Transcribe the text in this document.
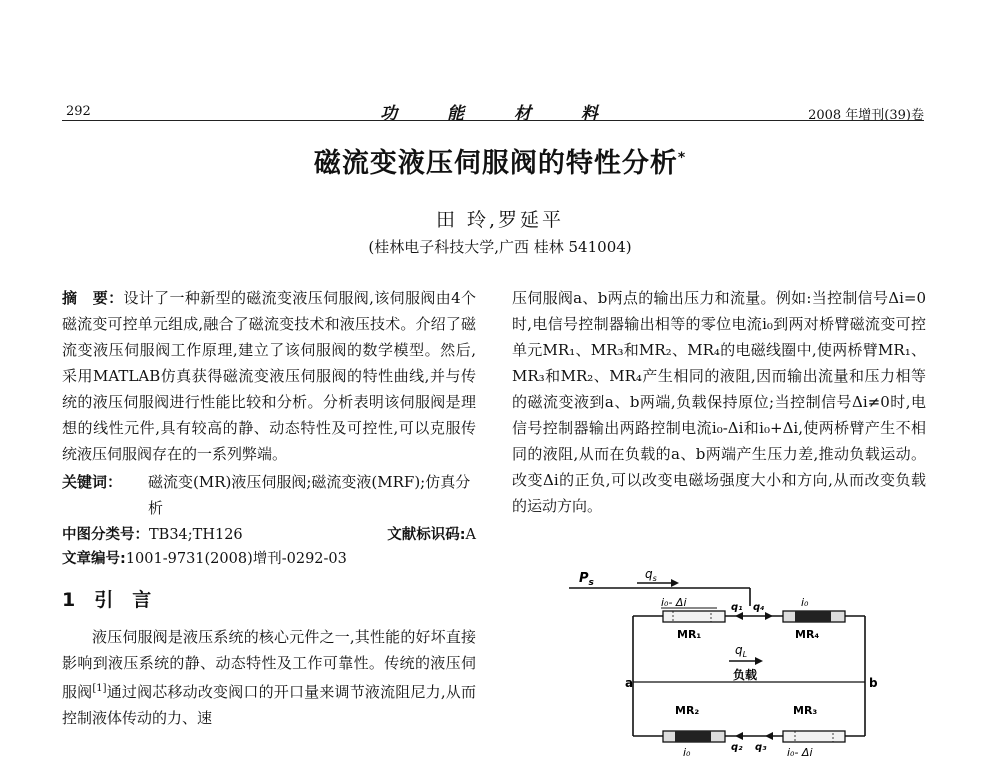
292	功 能 材 料	2008 年增刊(39)卷
磁流变液压伺服阀的特性分析*
田 玲,罗延平
(桂林电子科技大学,广西 桂林 541004)

摘　要：设计了一种新型的磁流变液压伺服阀,该伺服阀由4个磁流变可控单元组成,融合了磁流变技术和液压技术。介绍了磁流变液压伺服阀工作原理,建立了该伺服阀的数学模型。然后,采用MATLAB仿真获得磁流变液压伺服阀的特性曲线,并与传统的液压伺服阀进行性能比较和分析。分析表明该伺服阀是理想的线性元件,具有较高的静、动态特性及可控性,可以克服传统液压伺服阀存在的一系列弊端。

关键词： 磁流变(MR)液压伺服阀;磁流变液(MRF);仿真分析
中图分类号：TB34;TH126	文献标识码:A
文章编号:1001-9731(2008)增刊-0292-03
1　引　言

液压伺服阀是液压系统的核心元件之一,其性能的好坏直接影响到液压系统的静、动态特性及工作可靠性。传统的液压伺服阀[1]通过阀芯移动改变阀口的开口量来调节液流阻尼力,从而控制液体传动的力、速

压伺服阀a、b两点的输出压力和流量。例如:当控制信号Δi=0时,电信号控制器输出相等的零位电流i₀到两对桥臂磁流变可控单元MR₁、MR₃和MR₂、MR₄的电磁线圈中,使两桥臂MR₁、MR₃和MR₂、MR₄产生相同的液阻,因而输出流量和压力相等的磁流变液到a、b两端,负载保持原位;当控制信号Δi≠0时,电信号控制器输出两路控制电流i₀-Δi和i₀+Δi,使两桥臂产生不相同的液阻,从而在负载的a、b两端产生压力差,推动负载运动。改变Δi的正负,可以改变电磁场强度大小和方向,从而改变负载的运动方向。

$P_s$
$q_s$
i₀- Δi
MR₁
q₁ q₄	i₀
MR₄
a	b
$q_L$
负载
MR₂
i₀	q₂ q₃
MR₃
i₀- Δi
